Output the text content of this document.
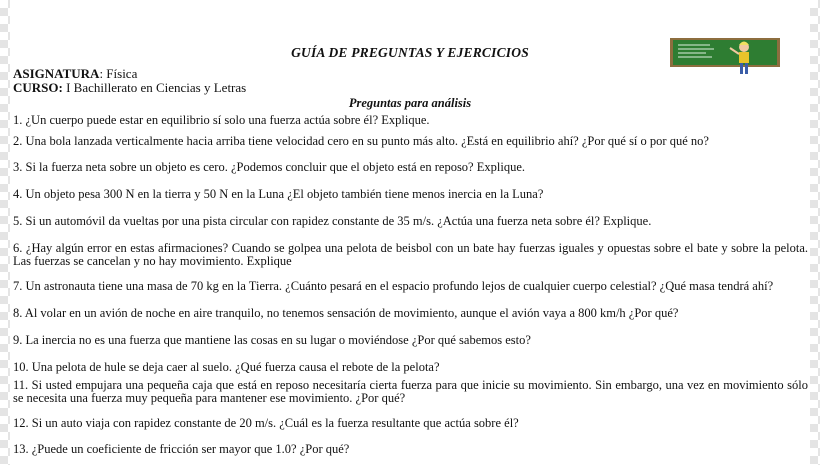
GUÍA DE PREGUNTAS Y EJERCICIOS
ASIGNATURA: Física
CURSO: I Bachillerato en Ciencias y Letras
Preguntas para análisis
1. ¿Un cuerpo puede estar en equilibrio sí solo una fuerza actúa sobre él? Explique.
2. Una bola lanzada verticalmente hacia arriba tiene velocidad cero en su punto más alto. ¿Está en equilibrio ahí? ¿Por qué sí o por qué no?
3. Si la fuerza neta sobre un objeto es cero. ¿Podemos concluir que el objeto está en reposo? Explique.
4. Un objeto pesa 300 N en la tierra y 50 N en la Luna ¿El objeto también tiene menos inercia en la Luna?
5. Si un automóvil da vueltas por una pista circular con rapidez constante de 35 m/s. ¿Actúa una fuerza neta sobre él? Explique.
6. ¿Hay algún error en estas afirmaciones? Cuando se golpea una pelota de beisbol con un bate hay fuerzas iguales y opuestas sobre el bate y sobre la pelota. Las fuerzas se cancelan y no hay movimiento. Explique
7. Un astronauta tiene una masa de 70 kg en la Tierra. ¿Cuánto pesará en el espacio profundo lejos de cualquier cuerpo celestial? ¿Qué masa tendrá ahí?
8. Al volar en un avión de noche en aire tranquilo, no tenemos sensación de movimiento, aunque el avión vaya a 800 km/h ¿Por qué?
9. La inercia no es una fuerza que mantiene las cosas en su lugar o moviéndose ¿Por qué sabemos esto?
10. Una pelota de hule se deja caer al suelo. ¿Qué fuerza causa el rebote de la pelota?
11. Si usted empujara una pequeña caja que está en reposo necesitaría cierta fuerza para que inicie su movimiento. Sin embargo, una vez en movimiento sólo se necesita una fuerza muy pequeña para mantener ese movimiento. ¿Por qué?
12. Si un auto viaja con rapidez constante de 20 m/s. ¿Cuál es la fuerza resultante que actúa sobre él?
13. ¿Puede un coeficiente de fricción ser mayor que 1.0? ¿Por qué?
